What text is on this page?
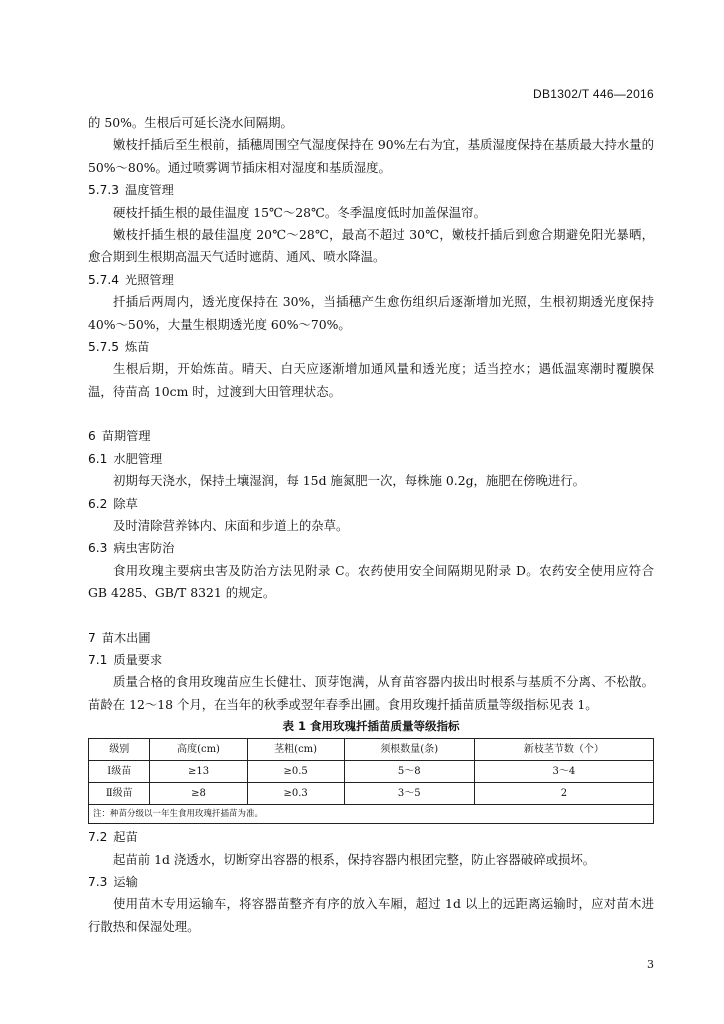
DB1302/T 446—2016

的 50%。生根后可延长浇水间隔期。

嫩枝扦插后至生根前，插穗周围空气湿度保持在 90%左右为宜，基质湿度保持在基质最大持水量的 50%～80%。通过喷雾调节插床相对湿度和基质湿度。

5.7.3 温度管理

硬枝扦插生根的最佳温度 15℃～28℃。冬季温度低时加盖保温帘。

嫩枝扦插生根的最佳温度 20℃～28℃，最高不超过 30℃，嫩枝扦插后到愈合期避免阳光暴晒，愈合期到生根期高温天气适时遮荫、通风、喷水降温。

5.7.4 光照管理

扦插后两周内，透光度保持在 30%，当插穗产生愈伤组织后逐渐增加光照，生根初期透光度保持 40%～50%，大量生根期透光度 60%～70%。

5.7.5 炼苗

生根后期，开始炼苗。晴天、白天应逐渐增加通风量和透光度；适当控水；遇低温寒潮时覆膜保温，待苗高 10cm 时，过渡到大田管理状态。

6 苗期管理

6.1 水肥管理

初期每天浇水，保持土壤湿润，每 15d 施氮肥一次，每株施 0.2g，施肥在傍晚进行。

6.2 除草

及时清除营养钵内、床面和步道上的杂草。

6.3 病虫害防治

食用玫瑰主要病虫害及防治方法见附录 C。农药使用安全间隔期见附录 D。农药安全使用应符合 GB 4285、GB/T 8321 的规定。

7 苗木出圃

7.1 质量要求

质量合格的食用玫瑰苗应生长健壮、顶芽饱满，从育苗容器内拔出时根系与基质不分离、不松散。苗龄在 12～18 个月，在当年的秋季或翌年春季出圃。食用玫瑰扦插苗质量等级指标见表 1。

表 1 食用玫瑰扦插苗质量等级指标

级别	高度(cm)	茎粗(cm)	须根数量(条)	新枝茎节数（个）
Ⅰ级苗	≥13	≥0.5	5～8	3～4
Ⅱ级苗	≥8	≥0.3	3～5	2
注：种苗分级以一年生食用玫瑰扦插苗为准。				

7.2 起苗

起苗前 1d 浇透水，切断穿出容器的根系，保持容器内根团完整，防止容器破碎或损坏。

7.3 运输

使用苗木专用运输车，将容器苗整齐有序的放入车厢，超过 1d 以上的远距离运输时，应对苗木进行散热和保湿处理。

3
